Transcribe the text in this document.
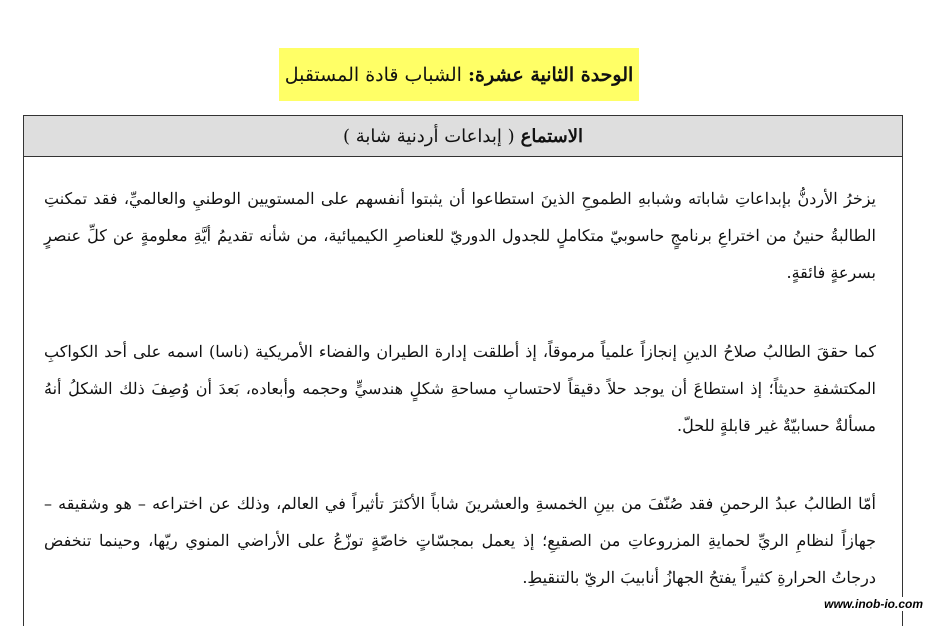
الوحدة الثانية عشرة
:
الشباب قادة المستقبل
الاستماع
( إبداعات أردنية شابة )

يزخرُ الأردنُّ بإبداعاتِ شاباته وشبابهِ الطموحِ الذينَ استطاعوا أن يثبتوا أنفسهم على المستويين الوطنيِ والعالميِّ، فقد تمكنتِ الطالبةُ حنينُ من اختراعِ برنامجٍ حاسوبيّ متكاملٍ للجدول الدوريّ للعناصرِ الكيميائية، من شأنه تقديمُ أيَّةِ معلومةٍ عن كلِّ عنصرٍ بسرعةٍ فائقةٍ.

كما حققَ الطالبُ صلاحُ الدينِ إنجازاً علمياً مرموقاً، إذ أطلقت إدارة الطيران والفضاء الأمريكية (ناسا) اسمه على أحد الكواكبِ المكتشفةِ حديثاً؛ إذ استطاعَ أن يوجد حلاً دقيقاً لاحتسابِ مساحةِ شكلٍ هندسيٍّ وحجمه وأبعاده، بَعدَ أن وُصِفَ ذلك الشكلُ أنهُ مسألةٌ حسابيّةٌ غير قابلةٍ للحلّ.

أمّا الطالبُ عبدُ الرحمنِ فقد صُنّفَ من بينِ الخمسةِ والعشرينَ شاباً الأكثرَ تأثيراً في العالم، وذلك عن اختراعه – هو وشقيقه – جهازاً لنظامِ الريِّ لحمايةِ المزروعاتِ من الصقيعِ؛ إذ يعمل بمجسّاتٍ خاصّةٍ توزّعُ على الأراضي المنوي ريّها، وحينما تنخفض درجاتُ الحرارةِ كثيراً يفتحُ الجهازُ أنابيبَ الريّ بالتنقيطِ.

www.inob-io.com
